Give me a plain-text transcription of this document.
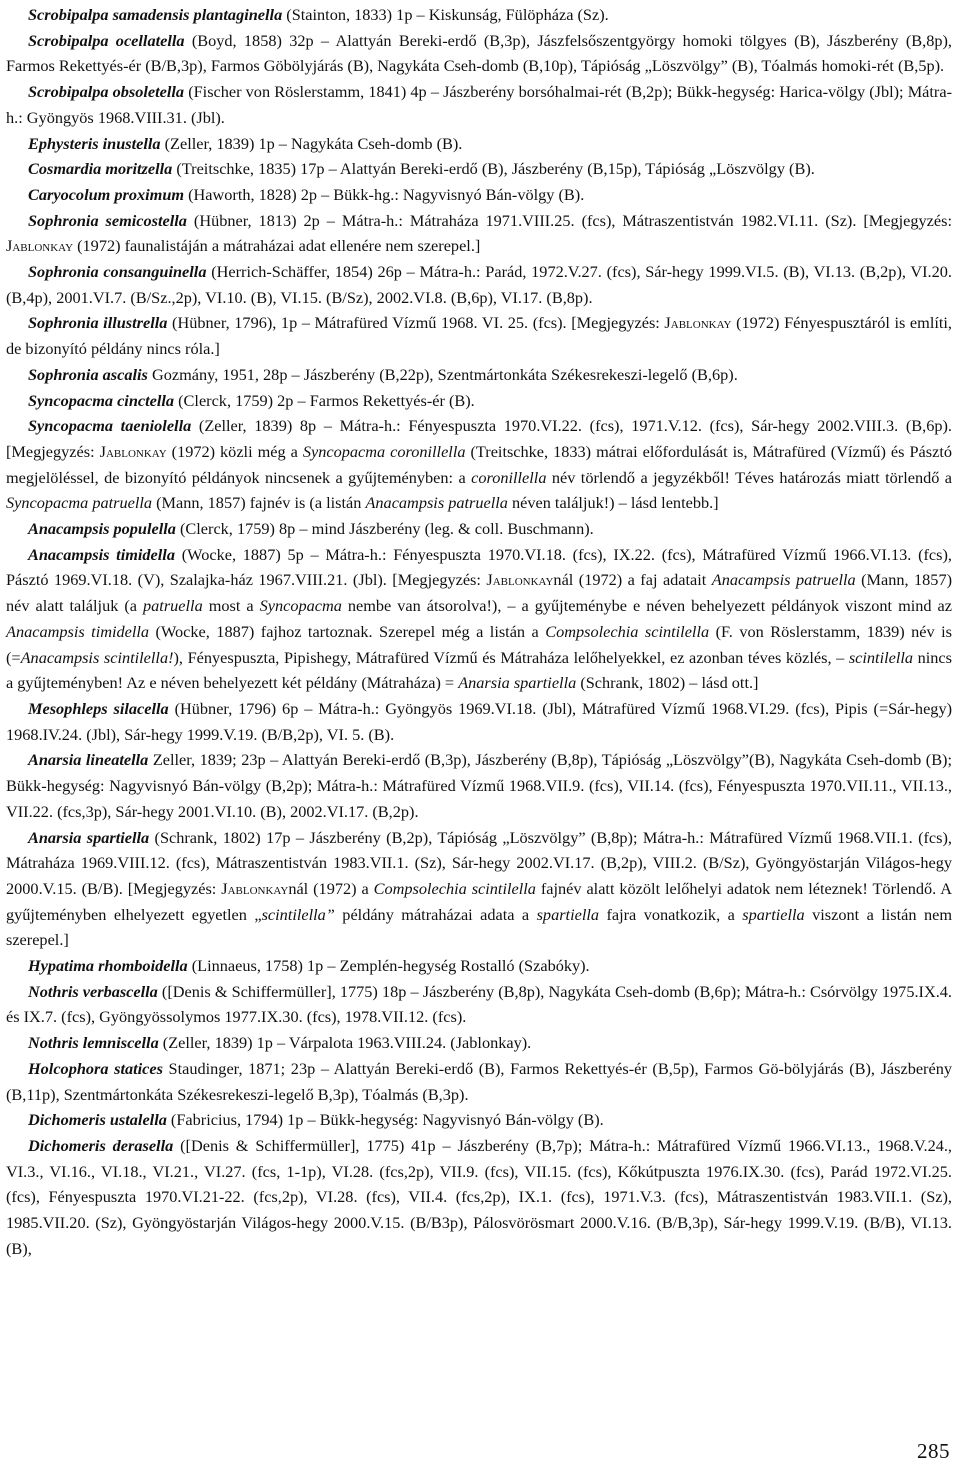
Scrobipalpa samadensis plantaginella (Stainton, 1833) 1p – Kiskunság, Fülöpháza (Sz).

Scrobipalpa ocellatella (Boyd, 1858) 32p – Alattyán Bereki-erdő (B,3p), Jászfelsőszentgyörgy homoki tölgyes (B), Jászberény (B,8p), Farmos Rekettyés-ér (B/B,3p), Farmos Göbölyjárás (B), Nagykáta Cseh-domb (B,10p), Tápióság „Löszvölgy” (B), Tóalmás homoki-rét (B,5p).

Scrobipalpa obsoletella (Fischer von Röslerstamm, 1841) 4p – Jászberény borsóhalmai-rét (B,2p); Bükk-hegység: Harica-völgy (Jbl); Mátra-h.: Gyöngyös 1968.VIII.31. (Jbl).

Ephysteris inustella (Zeller, 1839) 1p – Nagykáta Cseh-domb (B).

Cosmardia moritzella (Treitschke, 1835) 17p – Alattyán Bereki-erdő (B), Jászberény (B,15p), Tápióság „Löszvölgy (B).

Caryocolum proximum (Haworth, 1828) 2p – Bükk-hg.: Nagyvisnyó Bán-völgy (B).

Sophronia semicostella (Hübner, 1813) 2p – Mátra-h.: Mátraháza 1971.VIII.25. (fcs), Mátraszentistván 1982.VI.11. (Sz). [Megjegyzés: Jablonkay (1972) faunalistáján a mátraházai adat ellenére nem szerepel.]

Sophronia consanguinella (Herrich-Schäffer, 1854) 26p – Mátra-h.: Parád, 1972.V.27. (fcs), Sár-hegy 1999.VI.5. (B), VI.13. (B,2p), VI.20. (B,4p), 2001.VI.7. (B/Sz.,2p), VI.10. (B), VI.15. (B/Sz), 2002.VI.8. (B,6p), VI.17. (B,8p).

Sophronia illustrella (Hübner, 1796), 1p – Mátrafüred Vízmű 1968. VI. 25. (fcs). [Megjegyzés: Jablonkay (1972) Fényespusztáról is említi, de bizonyító példány nincs róla.]

Sophronia ascalis Gozmány, 1951, 28p – Jászberény (B,22p), Szentmártonkáta Székesrekeszi-legelő (B,6p).

Syncopacma cinctella (Clerck, 1759) 2p – Farmos Rekettyés-ér (B).

Syncopacma taeniolella (Zeller, 1839) 8p – Mátra-h.: Fényespuszta 1970.VI.22. (fcs), 1971.V.12. (fcs), Sár-hegy 2002.VIII.3. (B,6p). [Megjegyzés: Jablonkay (1972) közli még a Syncopacma coronillella (Treitschke, 1833) mátrai előfordulását is, Mátrafüred (Vízmű) és Pásztó megjelöléssel, de bizonyító példányok nincsenek a gyűjteményben: a coronillella név törlendő a jegyzékből! Téves határozás miatt törlendő a Syncopacma patruella (Mann, 1857) fajnév is (a listán Anacampsis patruella néven találjuk!) – lásd lentebb.]

Anacampsis populella (Clerck, 1759) 8p – mind Jászberény (leg. & coll. Buschmann).

Anacampsis timidella (Wocke, 1887) 5p – Mátra-h.: Fényespuszta 1970.VI.18. (fcs), IX.22. (fcs), Mátrafüred Vízmű 1966.VI.13. (fcs), Pásztó 1969.VI.18. (V), Szalajka-ház 1967.VIII.21. (Jbl). [Megjegyzés: Jablonkaynál (1972) a faj adatait Anacampsis patruella (Mann, 1857) név alatt találjuk (a patruella most a Syncopacma nembe van átsorolva!), – a gyűjteménybe e néven behelyezett példányok viszont mind az Anacampsis timidella (Wocke, 1887) fajhoz tartoznak. Szerepel még a listán a Compsolechia scintilella (F. von Röslerstamm, 1839) név is (=Anacampsis scintilella!), Fényespuszta, Pipishegy, Mátrafüred Vízmű és Mátraháza lelőhelyekkel, ez azonban téves közlés, – scintilella nincs a gyűjteményben! Az e néven behelyezett két példány (Mátraháza) = Anarsia spartiella (Schrank, 1802) – lásd ott.]

Mesophleps silacella (Hübner, 1796) 6p – Mátra-h.: Gyöngyös 1969.VI.18. (Jbl), Mátrafüred Vízmű 1968.VI.29. (fcs), Pipis (=Sár-hegy) 1968.IV.24. (Jbl), Sár-hegy 1999.V.19. (B/B,2p), VI. 5. (B).

Anarsia lineatella Zeller, 1839; 23p – Alattyán Bereki-erdő (B,3p), Jászberény (B,8p), Tápióság „Löszvölgy”(B), Nagykáta Cseh-domb (B); Bükk-hegység: Nagyvisnyó Bán-völgy (B,2p); Mátra-h.: Mátrafüred Vízmű 1968.VII.9. (fcs), VII.14. (fcs), Fényespuszta 1970.VII.11., VII.13., VII.22. (fcs,3p), Sár-hegy 2001.VI.10. (B), 2002.VI.17. (B,2p).

Anarsia spartiella (Schrank, 1802) 17p – Jászberény (B,2p), Tápióság „Löszvölgy” (B,8p); Mátra-h.: Mátrafüred Vízmű 1968.VII.1. (fcs), Mátraháza 1969.VIII.12. (fcs), Mátraszentistván 1983.VII.1. (Sz), Sár-hegy 2002.VI.17. (B,2p), VIII.2. (B/Sz), Gyöngyöstarján Világos-hegy 2000.V.15. (B/B). [Megjegyzés: Jablonkaynál (1972) a Compsolechia scintilella fajnév alatt közölt lelőhelyi adatok nem léteznek! Törlendő. A gyűjteményben elhelyezett egyetlen „scintilella” példány mátraházai adata a spartiella fajra vonatkozik, a spartiella viszont a listán nem szerepel.]

Hypatima rhomboidella (Linnaeus, 1758) 1p – Zemplén-hegység Rostalló (Szabóky).

Nothris verbascella ([Denis & Schiffermüller], 1775) 18p – Jászberény (B,8p), Nagykáta Cseh-domb (B,6p); Mátra-h.: Csórvölgy 1975.IX.4. és IX.7. (fcs), Gyöngyössolymos 1977.IX.30. (fcs), 1978.VII.12. (fcs).

Nothris lemniscella (Zeller, 1839) 1p – Várpalota 1963.VIII.24. (Jablonkay).

Holcophora statices Staudinger, 1871; 23p – Alattyán Bereki-erdő (B), Farmos Rekettyés-ér (B,5p), Farmos Gö-bölyjárás (B), Jászberény (B,11p), Szentmártonkáta Székesrekeszi-legelő B,3p), Tóalmás (B,3p).

Dichomeris ustalella (Fabricius, 1794) 1p – Bükk-hegység: Nagyvisnyó Bán-völgy (B).

Dichomeris derasella ([Denis & Schiffermüller], 1775) 41p – Jászberény (B,7p); Mátra-h.: Mátrafüred Vízmű 1966.VI.13., 1968.V.24., VI.3., VI.16., VI.18., VI.21., VI.27. (fcs, 1-1p), VI.28. (fcs,2p), VII.9. (fcs), VII.15. (fcs), Kőkútpuszta 1976.IX.30. (fcs), Parád 1972.VI.25. (fcs), Fényespuszta 1970.VI.21-22. (fcs,2p), VI.28. (fcs), VII.4. (fcs,2p), IX.1. (fcs), 1971.V.3. (fcs), Mátraszentistván 1983.VII.1. (Sz), 1985.VII.20. (Sz), Gyöngyöstarján Világos-hegy 2000.V.15. (B/B3p), Pálosvörösmart 2000.V.16. (B/B,3p), Sár-hegy 1999.V.19. (B/B), VI.13. (B),

285
